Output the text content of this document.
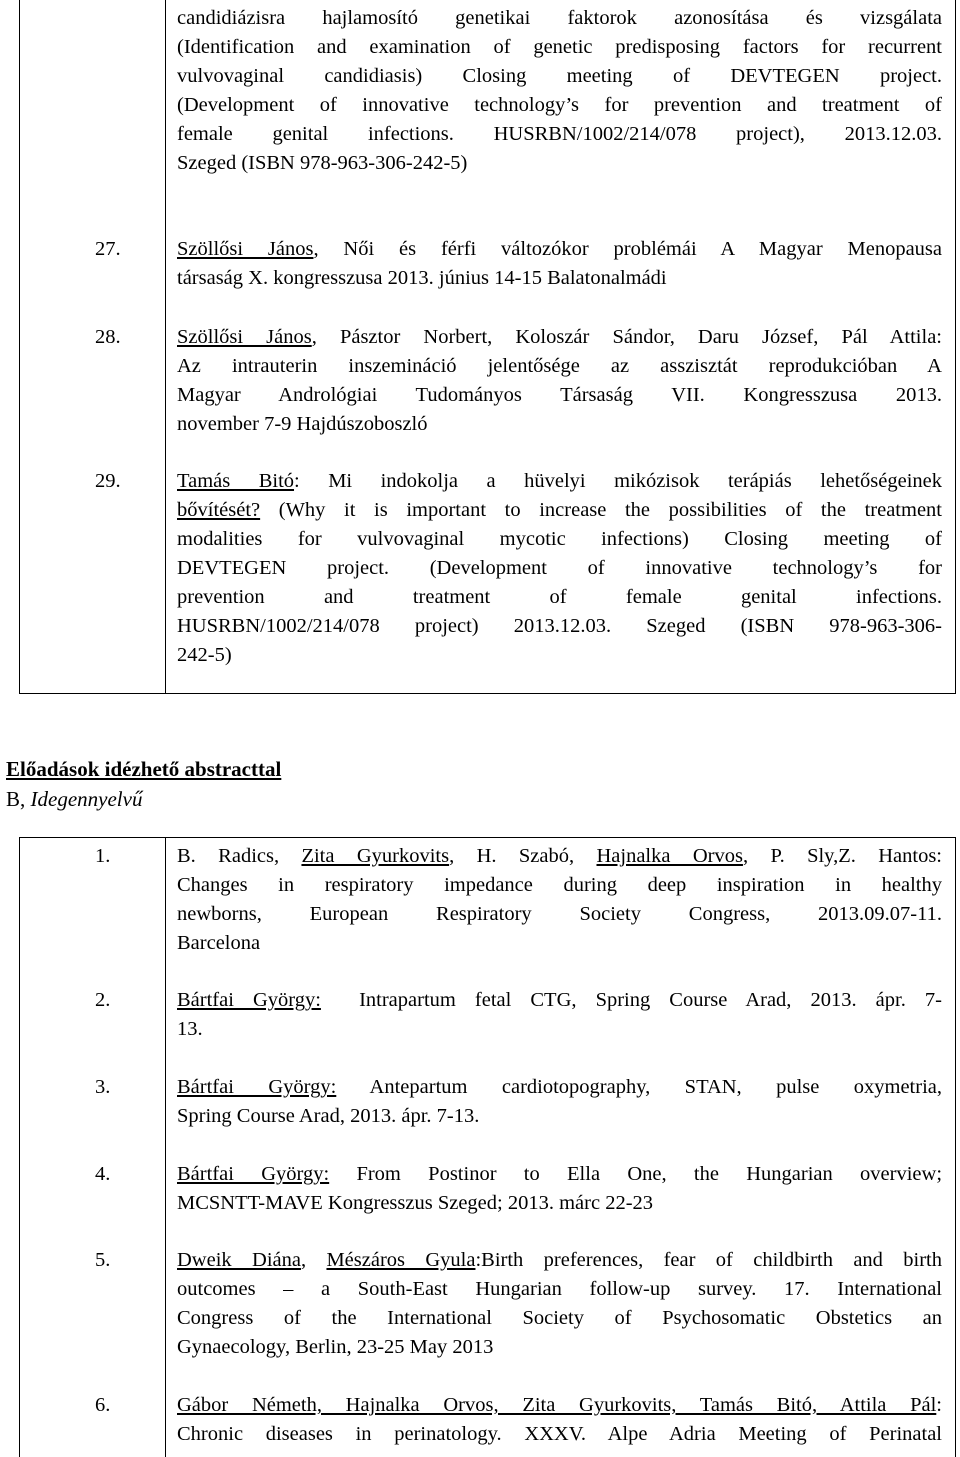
candidiázisra hajlamosító genetikai faktorok azonosítása és vizsgálata
(Identification and examination of genetic predisposing factors for recurrent
vulvovaginal candidiasis) Closing meeting of DEVTEGEN project.
(Development of innovative technology’s for prevention and treatment of
female genital infections. HUSRBN/1002/214/078 project), 2013.12.03.
Szeged (ISBN 978-963-306-242-5)
27.	Szöllősi János, Női és férfi változókor problémái A Magyar Menopausa
társaság X. kongresszusa 2013. június 14-15 Balatonalmádi
28.	Szöllősi János, Pásztor Norbert, Koloszár Sándor, Daru József, Pál Attila:
Az intrauterin inszemináció jelentősége az asszisztát reprodukcióban A
Magyar Andrológiai Tudományos Társaság VII. Kongresszusa 2013.
november 7-9 Hajdúszoboszló
29.	Tamás Bitó: Mi indokolja a hüvelyi mikózisok terápiás lehetőségeinek
bővítését? (Why it is important to increase the possibilities of the treatment
modalities for vulvovaginal mycotic infections) Closing meeting of
DEVTEGEN project. (Development of innovative technology’s for
prevention and treatment of female genital infections.
HUSRBN/1002/214/078 project) 2013.12.03. Szeged (ISBN 978-963-306-
242-5)
Előadások idézhető abstracttal
B, Idegennyelvű
1.	B. Radics, Zita Gyurkovits, H. Szabó, Hajnalka Orvos, P. Sly,Z. Hantos:
Changes in respiratory impedance during deep inspiration in healthy
newborns, European Respiratory Society Congress, 2013.09.07-11.
Barcelona
2.	Bártfai György:  Intrapartum fetal CTG, Spring Course Arad, 2013. ápr. 7-
13.
3.	Bártfai György: Antepartum cardiotopography, STAN, pulse oxymetria,
Spring Course Arad, 2013. ápr. 7-13.
4.	Bártfai György: From Postinor to Ella One, the Hungarian overview;
MCSNTT-MAVE Kongresszus Szeged; 2013. márc 22-23
5.	Dweik Diána, Mészáros Gyula:Birth preferences, fear of childbirth and birth
outcomes – a South-East Hungarian follow-up survey. 17. International
Congress of the International Society of Psychosomatic Obstetics an
Gynaecology, Berlin, 23-25 May 2013
6.	Gábor Németh, Hajnalka Orvos, Zita Gyurkovits, Tamás Bitó, Attila Pál:
Chronic diseases in perinatology. XXXV. Alpe Adria Meeting of Perinatal
